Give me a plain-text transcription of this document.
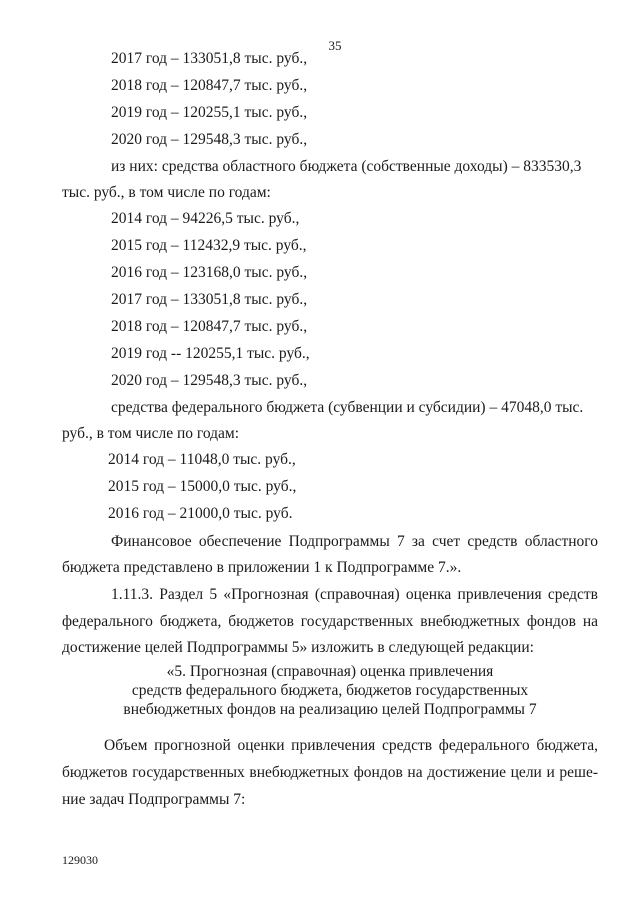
35
2017 год – 133051,8 тыс. руб.,
2018 год – 120847,7 тыс. руб.,
2019 год – 120255,1 тыс. руб.,
2020 год – 129548,3 тыс. руб.,
из них: средства областного бюджета (собственные доходы) – 833530,3
тыс. руб., в том числе по годам:
2014 год – 94226,5 тыс. руб.,
2015 год – 112432,9 тыс. руб.,
2016 год – 123168,0 тыс. руб.,
2017 год – 133051,8 тыс. руб.,
2018 год – 120847,7 тыс. руб.,
2019 год -- 120255,1 тыс. руб.,
2020 год – 129548,3 тыс. руб.,
средства федерального бюджета (субвенции и субсидии) – 47048,0 тыс.
руб., в том числе по годам:
2014 год – 11048,0 тыс. руб.,
2015 год – 15000,0 тыс. руб.,
2016 год – 21000,0 тыс. руб.
Финансовое обеспечение Подпрограммы 7 за счет средств областного
бюджета представлено в приложении 1 к Подпрограмме 7.».
1.11.3. Раздел 5 «Прогнозная (справочная) оценка привлечения средств
федерального бюджета, бюджетов государственных внебюджетных фондов на
достижение целей Подпрограммы 5» изложить в следующей редакции:
«5. Прогнозная (справочная) оценка привлечения
средств федерального бюджета, бюджетов государственных
внебюджетных фондов на реализацию целей Подпрограммы 7
Объем прогнозной оценки привлечения средств федерального бюджета,
бюджетов государственных внебюджетных фондов на достижение цели и реше-
ние задач Подпрограммы 7:
129030
